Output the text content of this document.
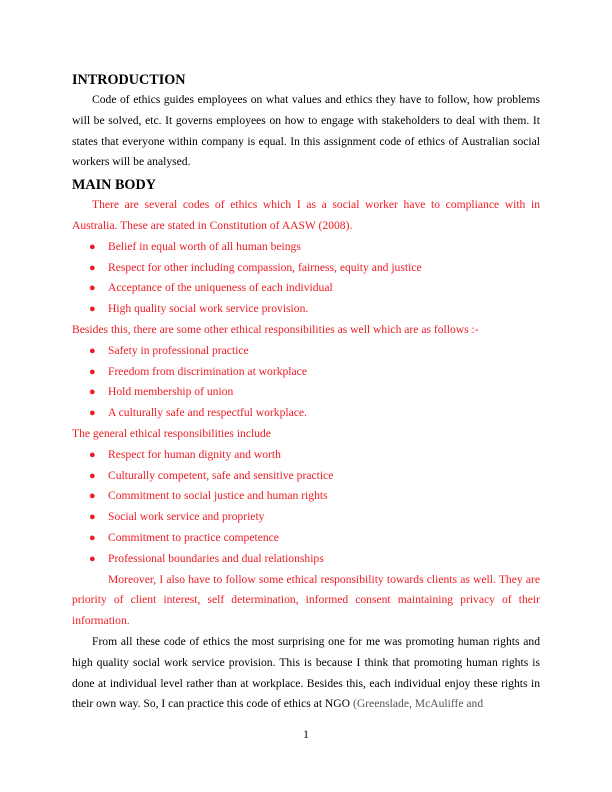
INTRODUCTION

Code of ethics guides employees on what values and ethics they have to follow, how problems will be solved, etc. It governs employees on how to engage with stakeholders to deal with them. It states that everyone within company is equal. In this assignment code of ethics of Australian social workers will be analysed.

MAIN BODY

There are several codes of ethics which I as a social worker have to compliance with in Australia. These are stated in Constitution of AASW (2008).

● Belief in equal worth of all human beings
● Respect for other including compassion, fairness, equity and justice
● Acceptance of the uniqueness of each individual
● High quality social work service provision.

Besides this, there are some other ethical responsibilities as well which are as follows :-

● Safety in professional practice
● Freedom from discrimination at workplace
● Hold membership of union
● A culturally safe and respectful workplace.

The general ethical responsibilities include

● Respect for human dignity and worth
● Culturally competent, safe and sensitive practice
● Commitment to social justice and human rights
● Social work service and propriety
● Commitment to practice competence
● Professional boundaries and dual relationships

Moreover, I also have to follow some ethical responsibility towards clients as well. They are priority of client interest, self determination, informed consent maintaining privacy of their information.

From all these code of ethics the most surprising one for me was promoting human rights and high quality social work service provision. This is because I think that promoting human rights is done at individual level rather than at workplace. Besides this, each individual enjoy these rights in their own way. So, I can practice this code of ethics at NGO (Greenslade, McAuliffe and

1
